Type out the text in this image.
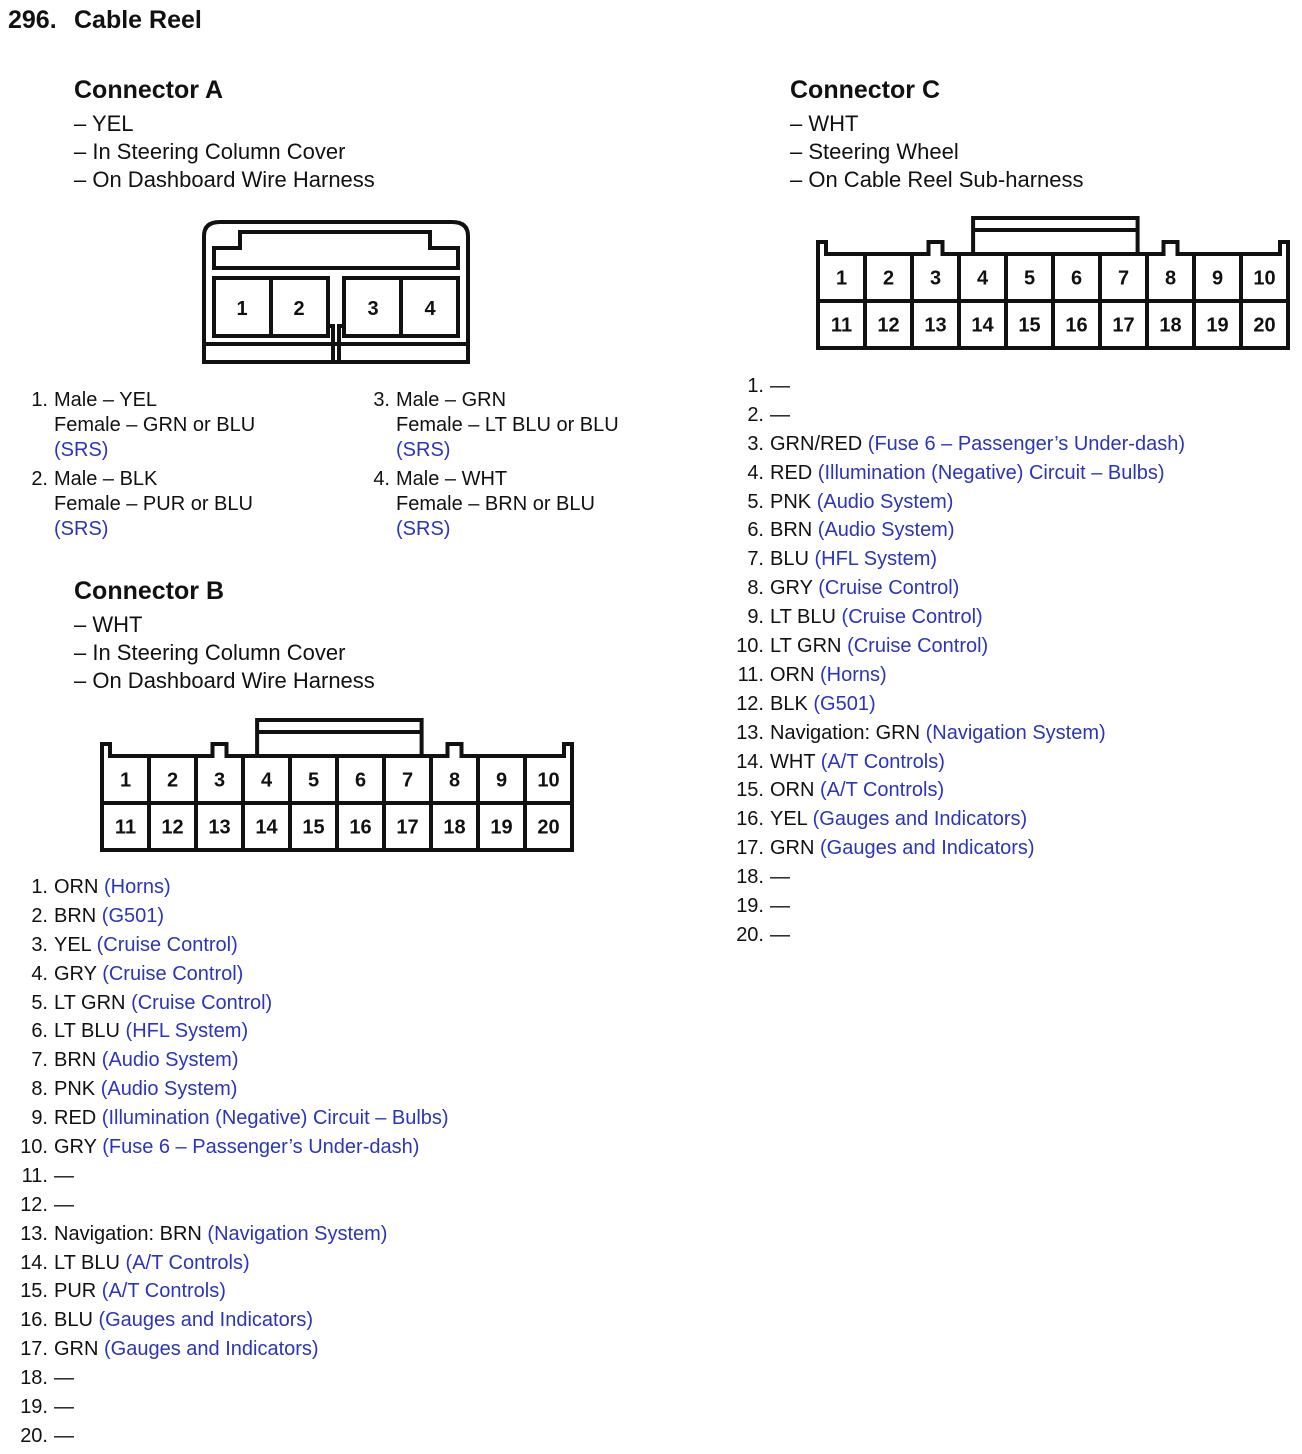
296. Cable Reel
Connector A
– YEL
– In Steering Column Cover
– On Dashboard Wire Harness
1 2	3 4
1. Male – YEL
Female – GRN or BLU
(SRS)
2. Male – BLK
Female – PUR or BLU
(SRS)
3. Male – GRN
Female – LT BLU or BLU
(SRS)
4. Male – WHT
Female – BRN or BLU
(SRS)
Connector B
– WHT
– In Steering Column Cover
– On Dashboard Wire Harness
1 2 3 4 5 6 7 8 9 10
11 12 13 14 15 16 17 18 19 20
1. ORN (Horns)
2. BRN (G501)
3. YEL (Cruise Control)
4. GRY (Cruise Control)
5. LT GRN (Cruise Control)
6. LT BLU (HFL System)
7. BRN (Audio System)
8. PNK (Audio System)
9. RED (Illumination (Negative) Circuit – Bulbs)
10. GRY (Fuse 6 – Passenger’s Under-dash)
11. —
12. —
13. Navigation: BRN (Navigation System)
14. LT BLU (A/T Controls)
15. PUR (A/T Controls)
16. BLU (Gauges and Indicators)
17. GRN (Gauges and Indicators)
18. —
19. —
20. —
Connector C
– WHT
– Steering Wheel
– On Cable Reel Sub-harness
1 2 3 4 5 6 7 8 9 10
11 12 13 14 15 16 17 18 19 20
1. —
2. —
3. GRN/RED (Fuse 6 – Passenger’s Under-dash)
4. RED (Illumination (Negative) Circuit – Bulbs)
5. PNK (Audio System)
6. BRN (Audio System)
7. BLU (HFL System)
8. GRY (Cruise Control)
9. LT BLU (Cruise Control)
10. LT GRN (Cruise Control)
11. ORN (Horns)
12. BLK (G501)
13. Navigation: GRN (Navigation System)
14. WHT (A/T Controls)
15. ORN (A/T Controls)
16. YEL (Gauges and Indicators)
17. GRN (Gauges and Indicators)
18. —
19. —
20. —
